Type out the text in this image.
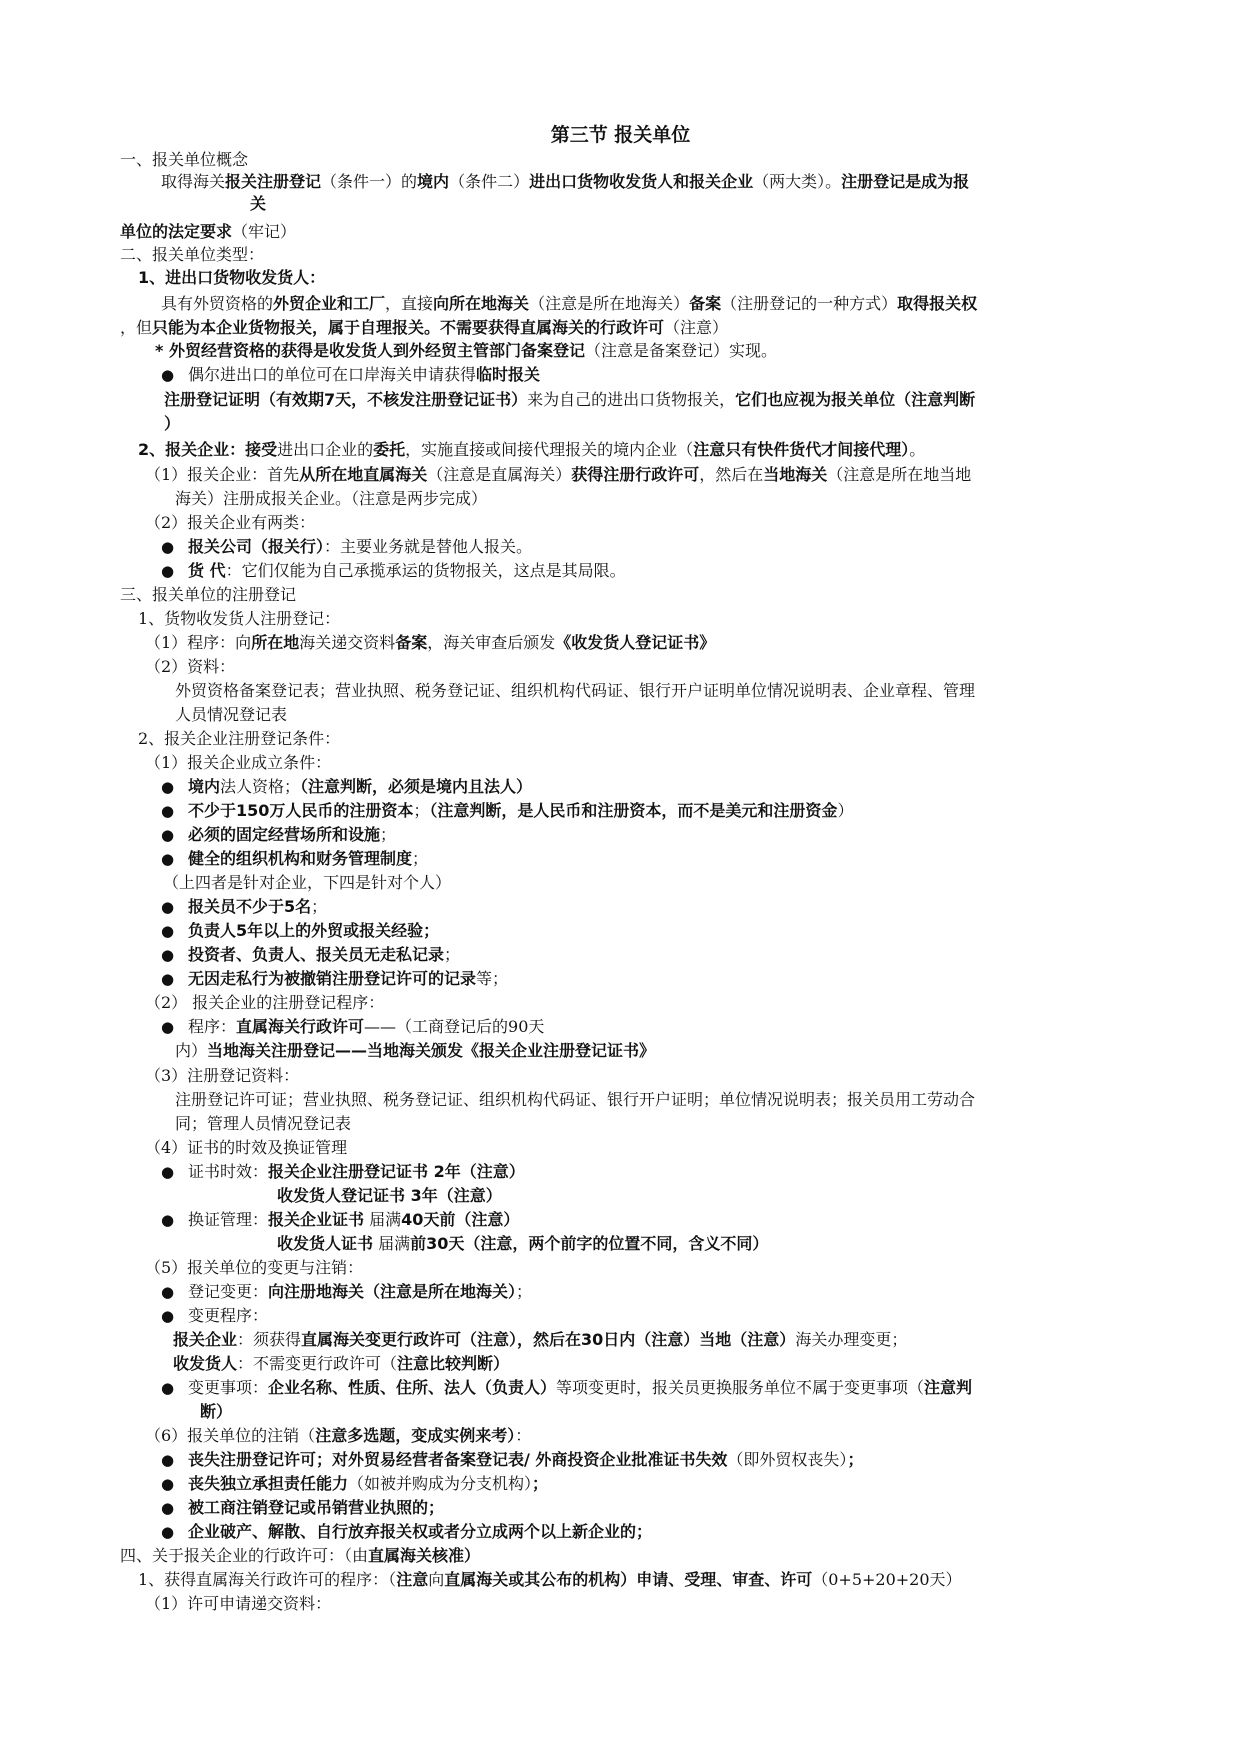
第三节 报关单位
一、报关单位概念
取得海关报关注册登记（条件一）的境内（条件二）进出口货物收发货人和报关企业（两大类）。注册登记是成为报
关
单位的法定要求（牢记）
二、报关单位类型：
1、进出口货物收发货人：
具有外贸资格的外贸企业和工厂，直接向所在地海关（注意是所在地海关）备案（注册登记的一种方式）取得报关权
，但只能为本企业货物报关，属于自理报关。不需要获得直属海关的行政许可（注意）
* 外贸经营资格的获得是收发货人到外经贸主管部门备案登记（注意是备案登记）实现。
● 偶尔进出口的单位可在口岸海关申请获得临时报关
注册登记证明（有效期7天，不核发注册登记证书）来为自己的进出口货物报关，它们也应视为报关单位（注意判断
）
2、报关企业：接受进出口企业的委托，实施直接或间接代理报关的境内企业（注意只有快件货代才间接代理）。
（1）报关企业：首先从所在地直属海关（注意是直属海关）获得注册行政许可，然后在当地海关（注意是所在地当地
海关）注册成报关企业。（注意是两步完成）
（2）报关企业有两类：
● 报关公司（报关行）：主要业务就是替他人报关。
● 货 代：它们仅能为自己承揽承运的货物报关，这点是其局限。
三、报关单位的注册登记
1、货物收发货人注册登记：
（1）程序：向所在地海关递交资料备案，海关审查后颁发《收发货人登记证书》
（2）资料：
外贸资格备案登记表；营业执照、税务登记证、组织机构代码证、银行开户证明单位情况说明表、企业章程、管理
人员情况登记表
2、报关企业注册登记条件：
（1）报关企业成立条件：
● 境内法人资格；（注意判断，必须是境内且法人）
● 不少于150万人民币的注册资本；（注意判断，是人民币和注册资本，而不是美元和注册资金）
● 必须的固定经营场所和设施；
● 健全的组织机构和财务管理制度；
（上四者是针对企业，下四是针对个人）
● 报关员不少于5名；
● 负责人5年以上的外贸或报关经验；
● 投资者、负责人、报关员无走私记录；
● 无因走私行为被撤销注册登记许可的记录等；
（2） 报关企业的注册登记程序：
● 程序：直属海关行政许可——（工商登记后的90天
内）当地海关注册登记——当地海关颁发《报关企业注册登记证书》
（3）注册登记资料：
注册登记许可证；营业执照、税务登记证、组织机构代码证、银行开户证明；单位情况说明表；报关员用工劳动合
同；管理人员情况登记表
（4）证书的时效及换证管理
● 证书时效：报关企业注册登记证书 2年（注意）
收发货人登记证书 3年（注意）
● 换证管理：报关企业证书 届满40天前（注意）
收发货人证书 届满前30天（注意，两个前字的位置不同，含义不同）
（5）报关单位的变更与注销：
● 登记变更：向注册地海关（注意是所在地海关）；
● 变更程序：
报关企业：须获得直属海关变更行政许可（注意），然后在30日内（注意）当地（注意）海关办理变更；
收发货人：不需变更行政许可（注意比较判断）
● 变更事项：企业名称、性质、住所、法人（负责人）等项变更时，报关员更换服务单位不属于变更事项（注意判
断）
（6）报关单位的注销（注意多选题，变成实例来考）：
● 丧失注册登记许可；对外贸易经营者备案登记表/ 外商投资企业批准证书失效（即外贸权丧失）；
● 丧失独立承担责任能力（如被并购成为分支机构）；
● 被工商注销登记或吊销营业执照的；
● 企业破产、解散、自行放弃报关权或者分立成两个以上新企业的；
四、关于报关企业的行政许可：（由直属海关核准）
1、获得直属海关行政许可的程序：（注意向直属海关或其公布的机构）申请、受理、审查、许可（0+5+20+20天）
（1）许可申请递交资料：
